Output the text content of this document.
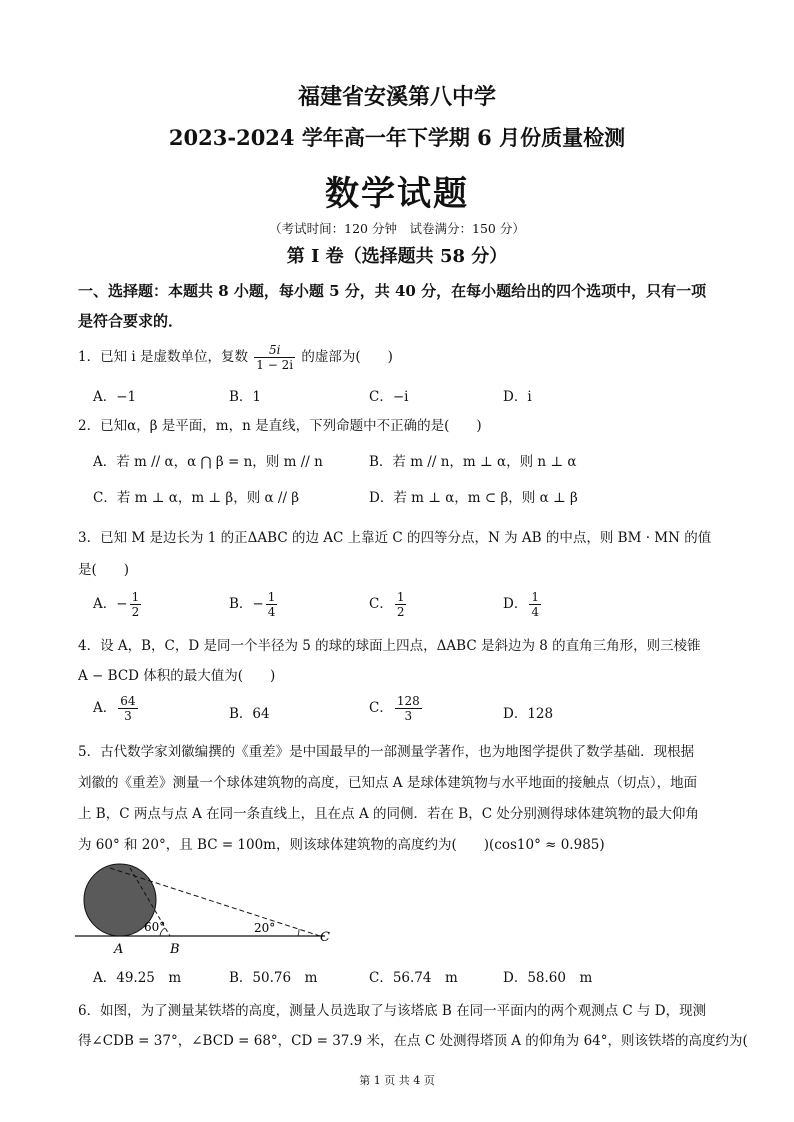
福建省安溪第八中学
2023-2024 学年高一年下学期 6 月份质量检测
数学试题
（考试时间：120 分钟　试卷满分：150 分）
第 I 卷（选择题共 58 分）
一、选择题：本题共 8 小题，每小题 5 分，共 40 分，在每小题给出的四个选项中，只有一项
是符合要求的．
1．已知 i 是虚数单位，复数 $\frac{5i}{1 - 2i}$ 的虚部为(　　)
A．−1	B．1	C．−i	D．i
2．已知α，β 是平面，m，n 是直线，下列命题中不正确的是(　　)
A．若 m // α，α ⋂ β = n，则 m // n	B．若 m // n，m ⊥ α，则 n ⊥ α
C．若 m ⊥ α，m ⊥ β，则 α // β	D．若 m ⊥ α，m ⊂ β，则 α ⊥ β
3．已知 M 是边长为 1 的正ΔABC 的边 AC 上靠近 C 的四等分点，N 为 AB 的中点，则 BM · MN 的值
是(　　)
A．− $\frac{1}{2}$	B．− $\frac{1}{4}$	C． $\frac{1}{2}$	D． $\frac{1}{4}$
4．设 A，B，C，D 是同一个半径为 5 的球的球面上四点，ΔABC 是斜边为 8 的直角三角形，则三棱锥
A − BCD 体积的最大值为(　　)
A． $\frac{64}{3}$	B．64	C． $\frac{128}{3}$	D．128
5．古代数学家刘徽编撰的《重差》是中国最早的一部测量学著作，也为地图学提供了数学基础．现根据
刘徽的《重差》测量一个球体建筑物的高度，已知点 A 是球体建筑物与水平地面的接触点（切点），地面
上 B，C 两点与点 A 在同一条直线上，且在点 A 的同侧．若在 B，C 处分别测得球体建筑物的最大仰角
为 60° 和 20°，且 BC = 100m，则该球体建筑物的高度约为(　　)(cos10° ≈ 0.985)
60°	20°
A	B
C
A．49.25　m	B．50.76　m	C．56.74　m	D．58.60　m
6．如图，为了测量某铁塔的高度，测量人员选取了与该塔底 B 在同一平面内的两个观测点 C 与 D，现测
得∠CDB = 37°，∠BCD = 68°，CD = 37.9 米，在点 C 处测得塔顶 A 的仰角为 64°，则该铁塔的高度约为(
第 1 页 共 4 页
